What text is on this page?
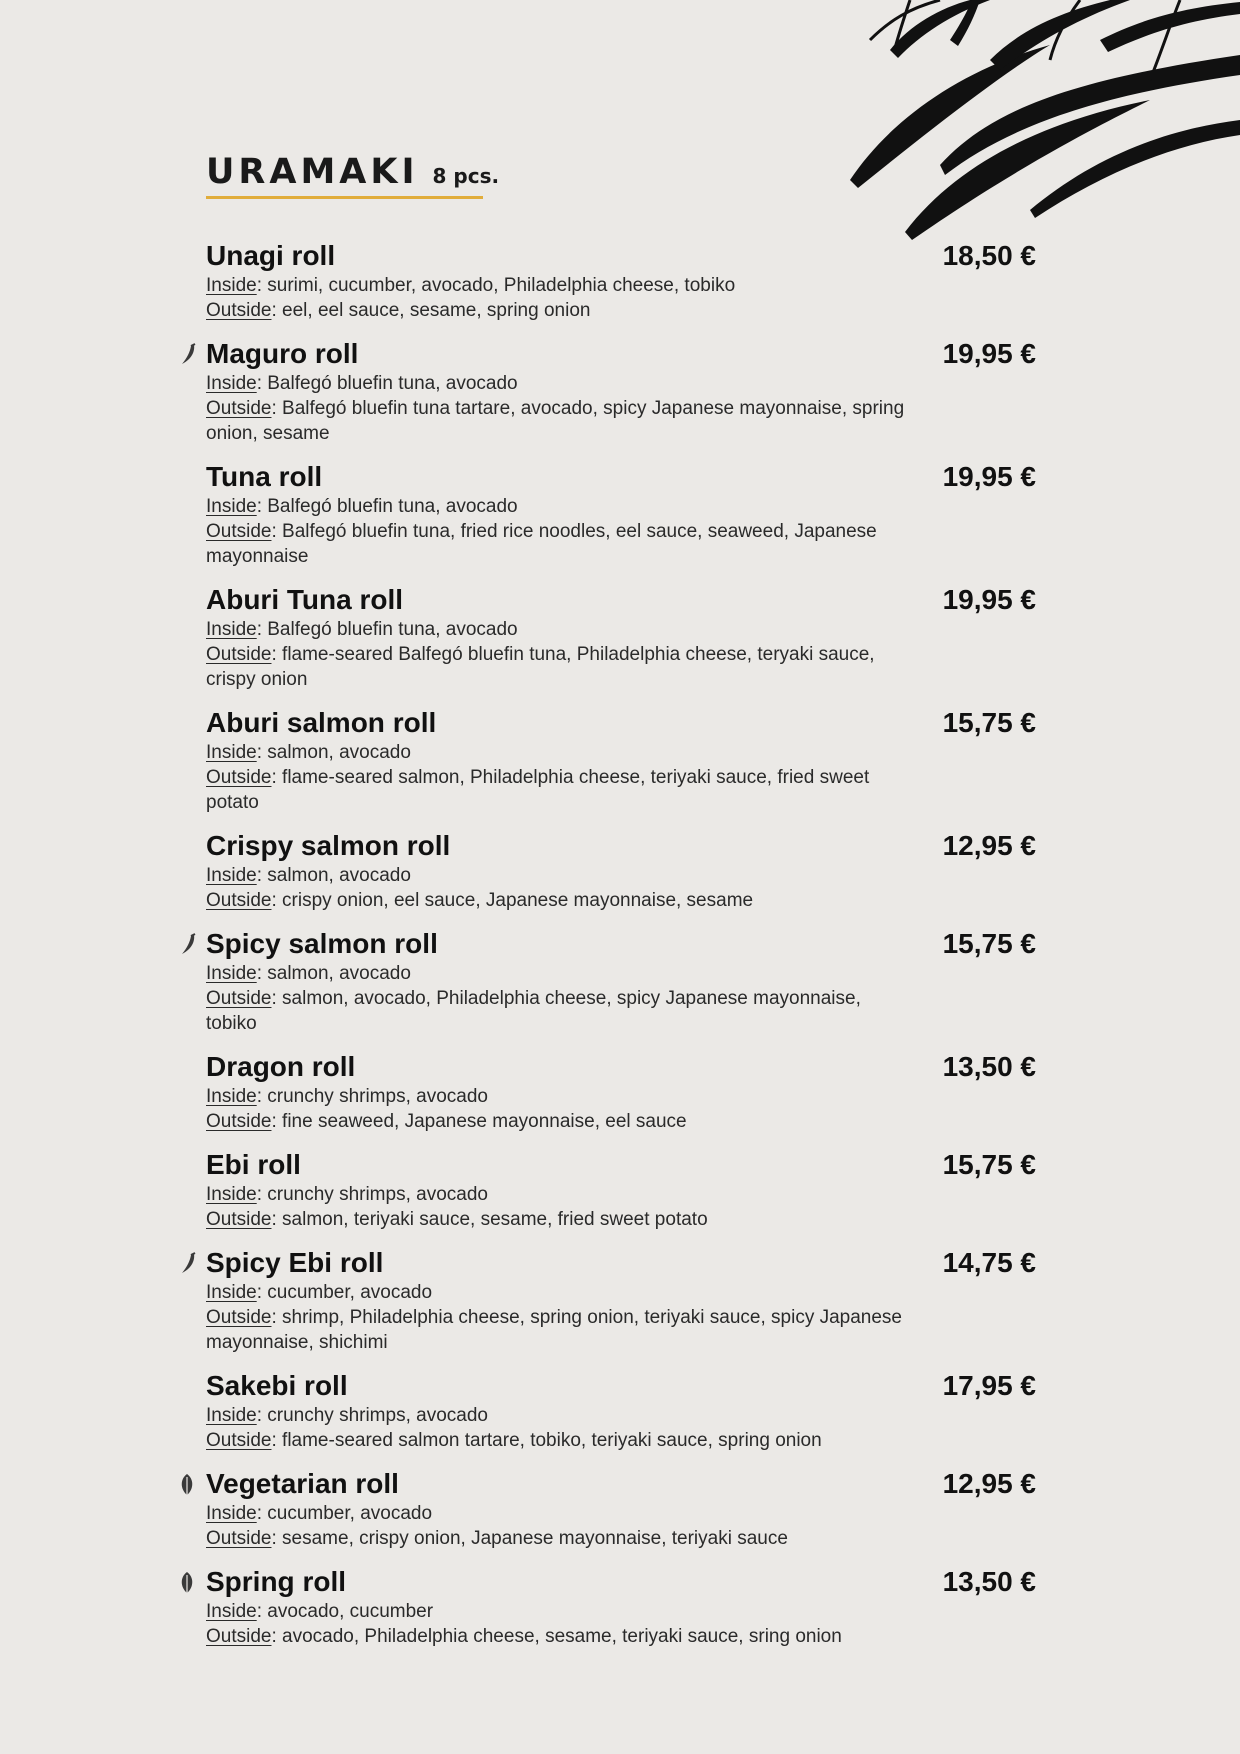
URAMAKI 8 pcs.
Unagi roll	18,50 €
Inside: surimi, cucumber, avocado, Philadelphia cheese, tobiko
Outside: eel, eel sauce, sesame, spring onion
Maguro roll	19,95 €
Inside: Balfegó bluefin tuna, avocado
Outside: Balfegó bluefin tuna tartare, avocado, spicy Japanese mayonnaise, spring onion, sesame
Tuna roll	19,95 €
Inside: Balfegó bluefin tuna, avocado
Outside: Balfegó bluefin tuna, fried rice noodles, eel sauce, seaweed, Japanese mayonnaise
Aburi Tuna roll	19,95 €
Inside: Balfegó bluefin tuna, avocado
Outside: flame-seared Balfegó bluefin tuna, Philadelphia cheese, teryaki sauce, crispy onion
Aburi salmon roll	15,75 €
Inside: salmon, avocado
Outside: flame-seared salmon, Philadelphia cheese, teriyaki sauce, fried sweet potato
Crispy salmon roll	12,95 €
Inside: salmon, avocado
Outside: crispy onion, eel sauce, Japanese mayonnaise, sesame
Spicy salmon roll	15,75 €
Inside: salmon, avocado
Outside: salmon, avocado, Philadelphia cheese, spicy Japanese mayonnaise, tobiko
Dragon roll	13,50 €
Inside: crunchy shrimps, avocado
Outside: fine seaweed, Japanese mayonnaise, eel sauce
Ebi roll	15,75 €
Inside: crunchy shrimps, avocado
Outside: salmon, teriyaki sauce, sesame, fried sweet potato
Spicy Ebi roll	14,75 €
Inside: cucumber, avocado
Outside: shrimp, Philadelphia cheese, spring onion, teriyaki sauce, spicy Japanese mayonnaise, shichimi
Sakebi roll	17,95 €
Inside: crunchy shrimps, avocado
Outside: flame-seared salmon tartare, tobiko, teriyaki sauce, spring onion
Vegetarian roll	12,95 €
Inside: cucumber, avocado
Outside: sesame, crispy onion, Japanese mayonnaise, teriyaki sauce
Spring roll	13,50 €
Inside: avocado, cucumber
Outside: avocado, Philadelphia cheese, sesame, teriyaki sauce, sring onion
